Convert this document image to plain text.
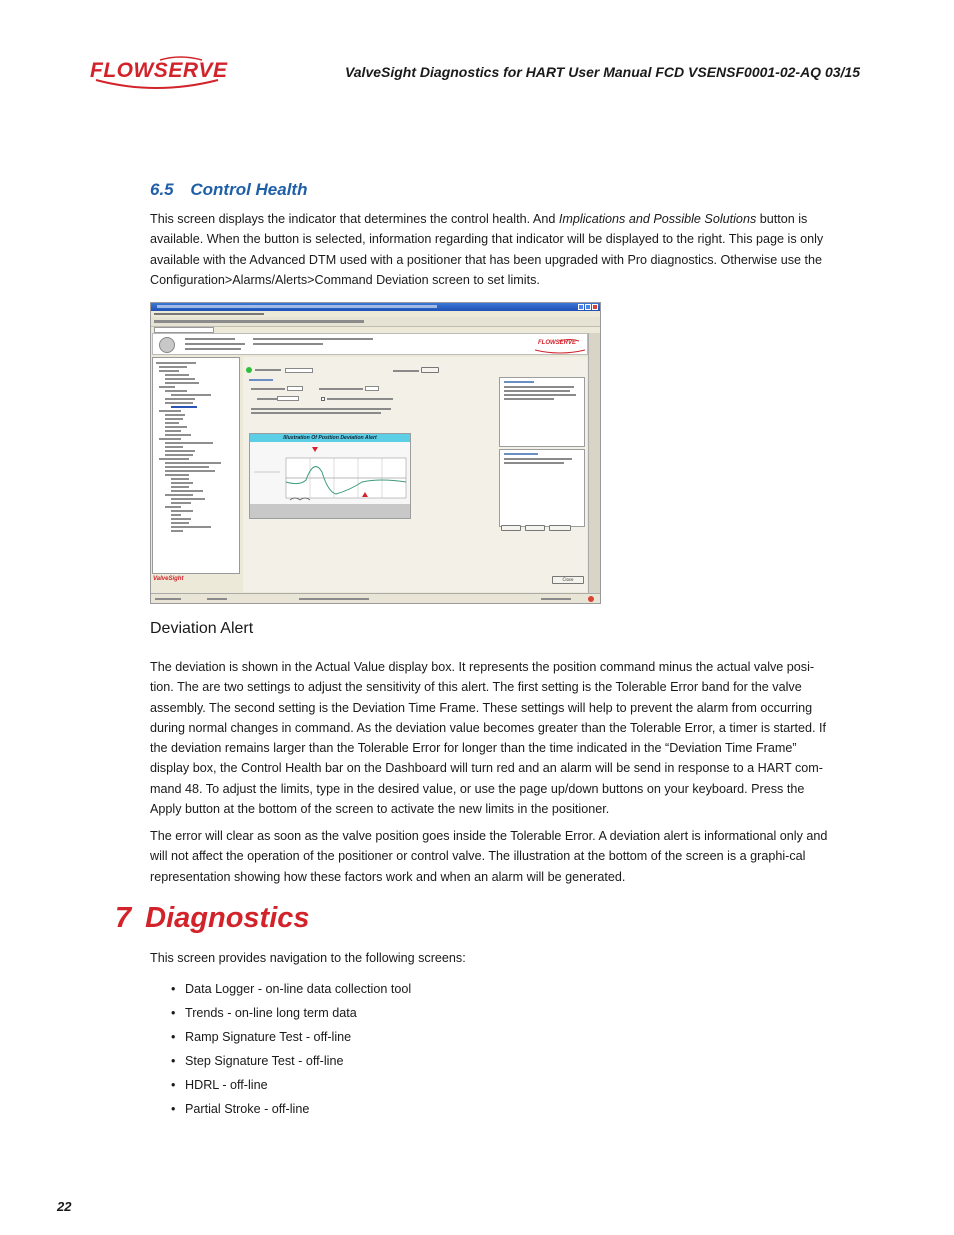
FLOWSERVE	ValveSight Diagnostics for HART User Manual FCD VSENSF0001-02-AQ 03/15
6.5 Control Health

This screen displays the indicator that determines the control health. And Implications and Possible Solutions button is available. When the button is selected, information regarding that indicator will be displayed to the right. This page is only available with the Advanced DTM used with a positioner that has been upgraded with Pro diagnostics. Otherwise use the Configuration>Alarms/Alerts>Command Deviation screen to set limits.

FLOWSERVE
ValveSight
Illustration Of Position Deviation Alert
Close
Deviation Alert

The deviation is shown in the Actual Value display box. It represents the position command minus the actual valve posi-tion. The are two settings to adjust the sensitivity of this alert. The first setting is the Tolerable Error band for the valve assembly. The second setting is the Deviation Time Frame. These settings will help to prevent the alarm from occurring during normal changes in command. As the deviation value becomes greater than the Tolerable Error, a timer is started. If the deviation remains larger than the Tolerable Error for longer than the time indicated in the “Deviation Time Frame” display box, the Control Health bar on the Dashboard will turn red and an alarm will be send in response to a HART com-mand 48. To adjust the limits, type in the desired value, or use the page up/down buttons on your keyboard. Press the Apply button at the bottom of the screen to activate the new limits in the positioner.

The error will clear as soon as the valve position goes inside the Tolerable Error. A deviation alert is informational only and will not affect the operation of the positioner or control valve. The illustration at the bottom of the screen is a graphi-cal representation showing how these factors work and when an alarm will be generated.

7 Diagnostics

This screen provides navigation to the following screens:

• Data Logger - on-line data collection tool
• Trends - on-line long term data
• Ramp Signature Test - off-line
• Step Signature Test - off-line
• HDRL - off-line
• Partial Stroke - off-line
22
